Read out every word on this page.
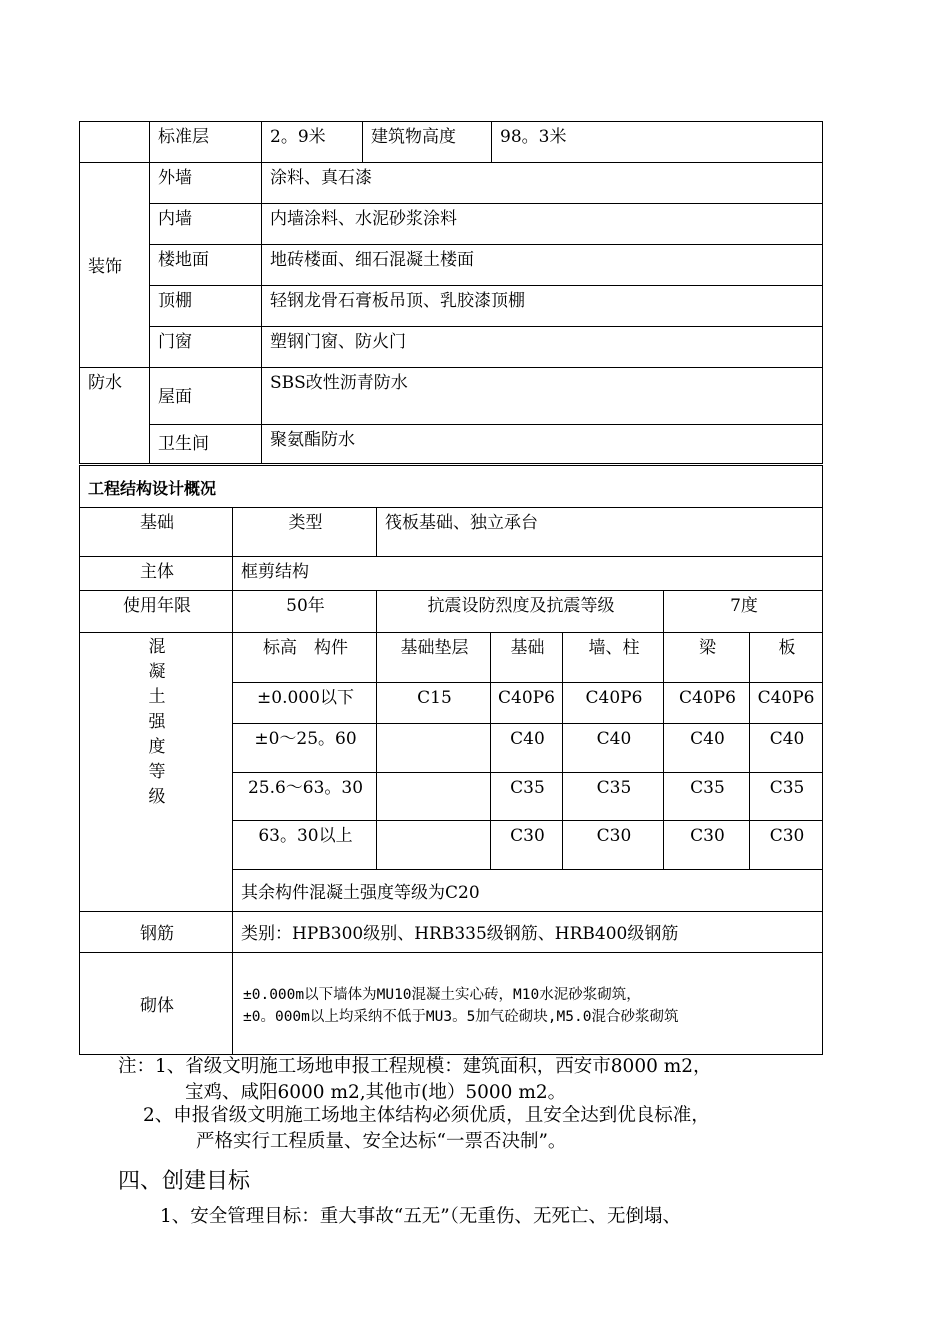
	标准层	2。9米	建筑物高度	98。3米
装饰	外墙	涂料、真石漆		
	内墙	内墙涂料、水泥砂浆涂料		
	楼地面	地砖楼面、细石混凝土楼面		
	顶棚	轻钢龙骨石膏板吊顶、乳胶漆顶棚		
	门窗	塑钢门窗、防火门		
防水	屋面	SBS改性沥青防水		
	卫生间	聚氨酯防水		
工程结构设计概况						
基础	类型	筏板基础、独立承台				
主体	框剪结构					
使用年限	50年	抗震设防烈度及抗震等级			7度	

混凝土强度等级	标高　构件	基础垫层	基础	墙、柱	梁	板
	±0.000以下	C15	C40P6	C40P6	C40P6	C40P6
	±0～25。60		C40	C40	C40	C40
	25.6～63。30		C35	C35	C35	C35
	63。30以上		C30	C30	C30	C30
	其余构件混凝土强度等级为C20					
钢筋	类别：HPB300级别、HRB335级钢筋、HRB400级钢筋					
砌体	±0.000m以下墙体为MU10混凝土实心砖，M10水泥砂浆砌筑，
±0。000m以上均采纳不低于MU3。5加气砼砌块,M5.0混合砂浆砌筑					
注：1、省级文明施工场地申报工程规模：建筑面积，西安市8000 m2，
宝鸡、咸阳6000 m2,其他市(地）5000 m2。
2、申报省级文明施工场地主体结构必须优质，且安全达到优良标准，
严格实行工程质量、安全达标“一票否决制”。
四、创建目标
1、安全管理目标：重大事故“五无”（无重伤、无死亡、无倒塌、
